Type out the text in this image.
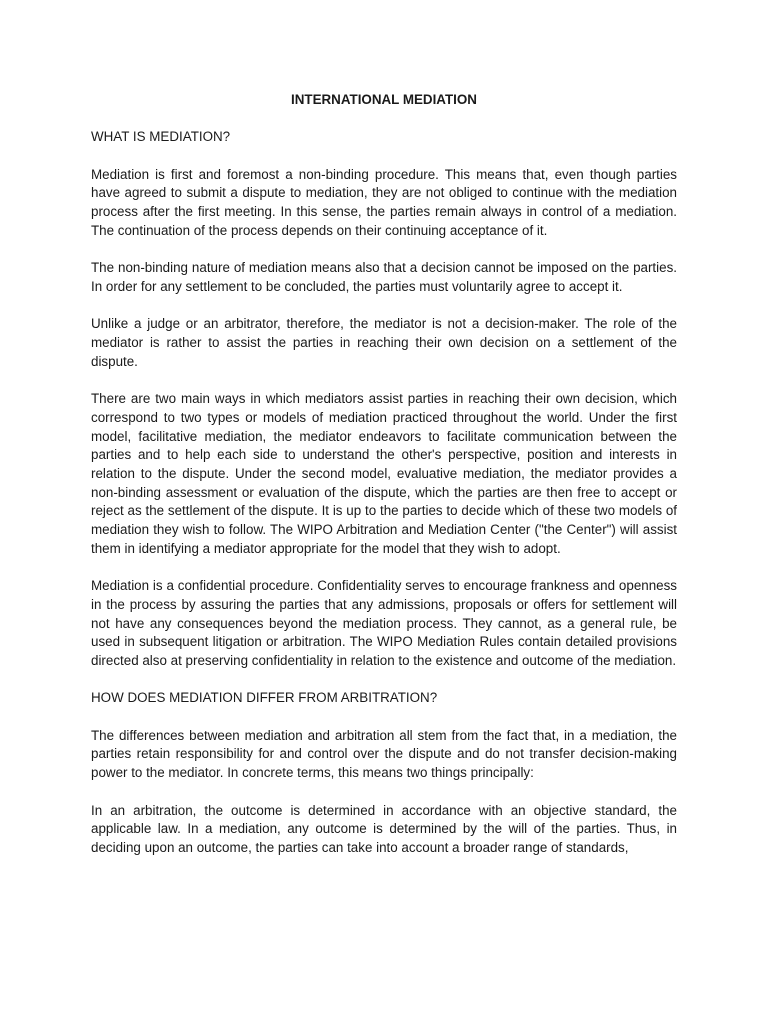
INTERNATIONAL MEDIATION
WHAT IS MEDIATION?

Mediation is first and foremost a non-binding procedure. This means that, even though parties have agreed to submit a dispute to mediation, they are not obliged to continue with the mediation process after the first meeting. In this sense, the parties remain always in control of a mediation. The continuation of the process depends on their continuing acceptance of it.

The non-binding nature of mediation means also that a decision cannot be imposed on the parties. In order for any settlement to be concluded, the parties must voluntarily agree to accept it.

Unlike a judge or an arbitrator, therefore, the mediator is not a decision-maker. The role of the mediator is rather to assist the parties in reaching their own decision on a settlement of the dispute.

There are two main ways in which mediators assist parties in reaching their own decision, which correspond to two types or models of mediation practiced throughout the world. Under the first model, facilitative mediation, the mediator endeavors to facilitate communication between the parties and to help each side to understand the other's perspective, position and interests in relation to the dispute. Under the second model, evaluative mediation, the mediator provides a non-binding assessment or evaluation of the dispute, which the parties are then free to accept or reject as the settlement of the dispute. It is up to the parties to decide which of these two models of mediation they wish to follow. The WIPO Arbitration and Mediation Center ("the Center") will assist them in identifying a mediator appropriate for the model that they wish to adopt.

Mediation is a confidential procedure. Confidentiality serves to encourage frankness and openness in the process by assuring the parties that any admissions, proposals or offers for settlement will not have any consequences beyond the mediation process. They cannot, as a general rule, be used in subsequent litigation or arbitration. The WIPO Mediation Rules contain detailed provisions directed also at preserving confidentiality in relation to the existence and outcome of the mediation.

HOW DOES MEDIATION DIFFER FROM ARBITRATION?

The differences between mediation and arbitration all stem from the fact that, in a mediation, the parties retain responsibility for and control over the dispute and do not transfer decision-making power to the mediator. In concrete terms, this means two things principally:

In an arbitration, the outcome is determined in accordance with an objective standard, the applicable law. In a mediation, any outcome is determined by the will of the parties. Thus, in deciding upon an outcome, the parties can take into account a broader range of standards,
